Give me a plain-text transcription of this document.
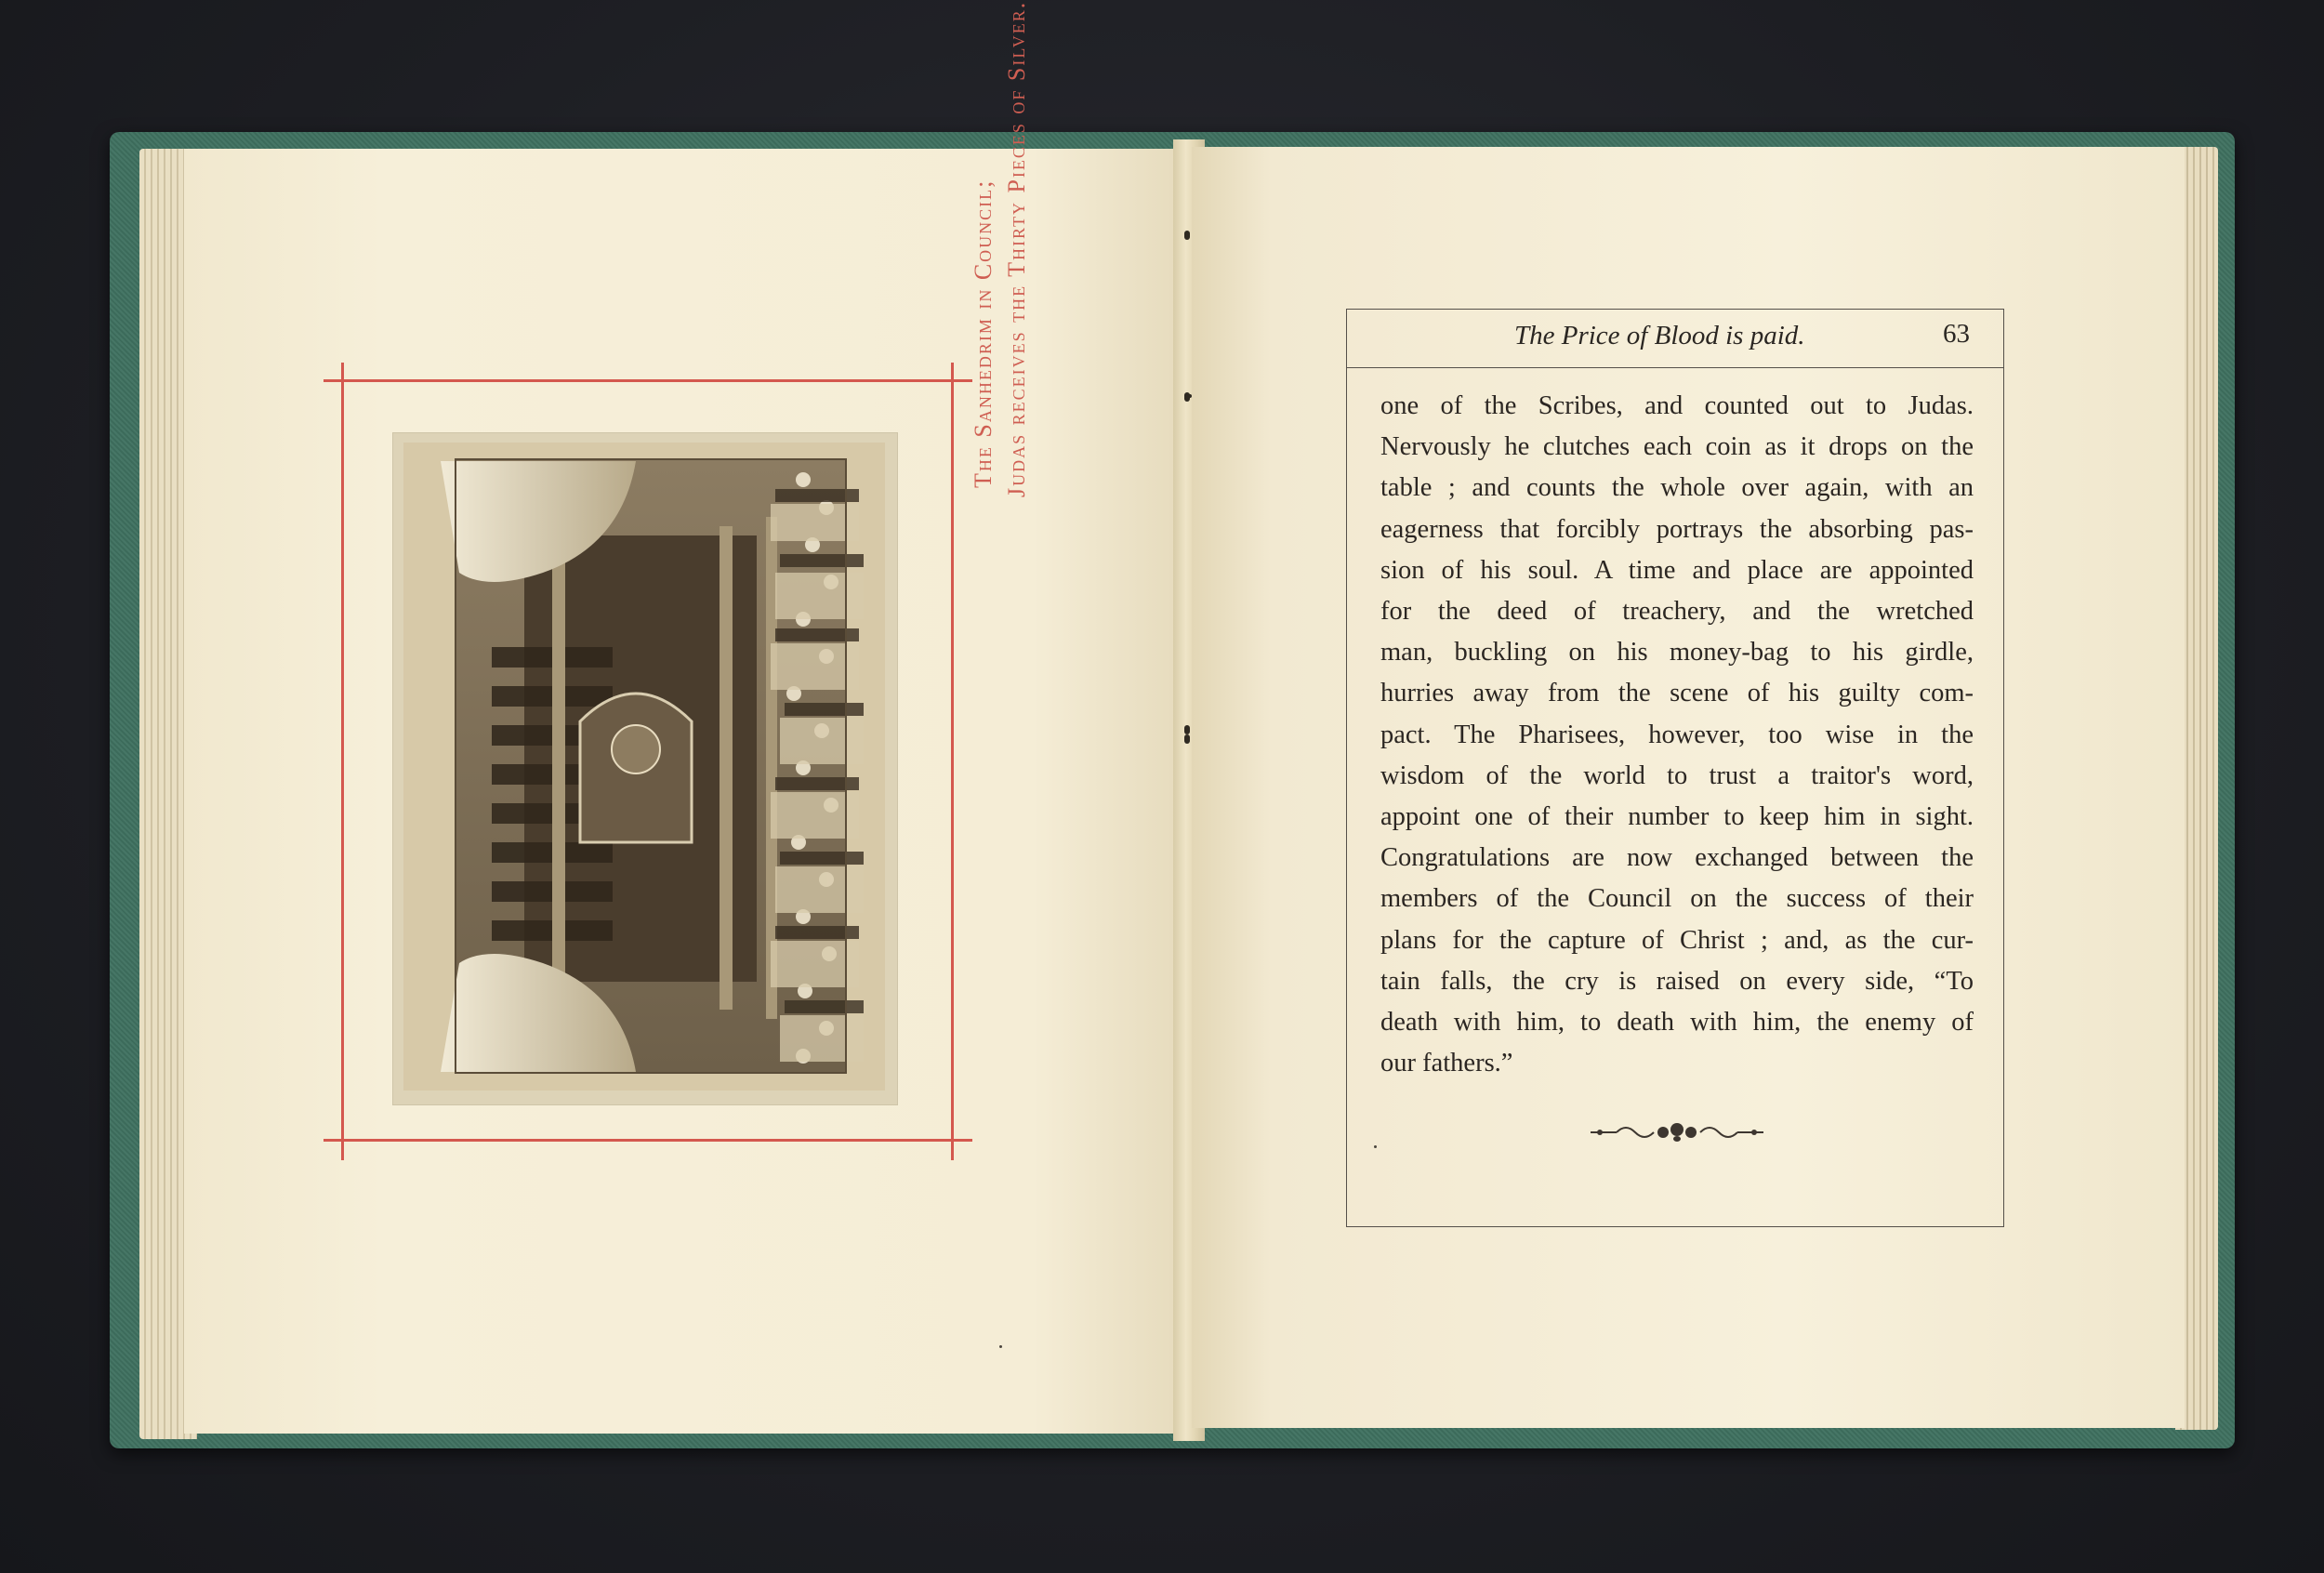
The Sanhedrim in Council; Judas receives the Thirty Pieces of Silver.	The Price of Blood is paid.	63
one of the Scribes, and counted out to Judas.
Nervously he clutches each coin as it drops on the
table ; and counts the whole over again, with an
eagerness that forcibly portrays the absorbing pas-
sion of his soul. A time and place are appointed
for the deed of treachery, and the wretched
man, buckling on his money-bag to his girdle,
hurries away from the scene of his guilty com-
pact. The Pharisees, however, too wise in the
wisdom of the world to trust a traitor's word,
appoint one of their number to keep him in sight.
Congratulations are now exchanged between the
members of the Council on the success of their
plans for the capture of Christ ; and, as the cur-
tain falls, the cry is raised on every side, “To
death with him, to death with him, the enemy of
our fathers.”
